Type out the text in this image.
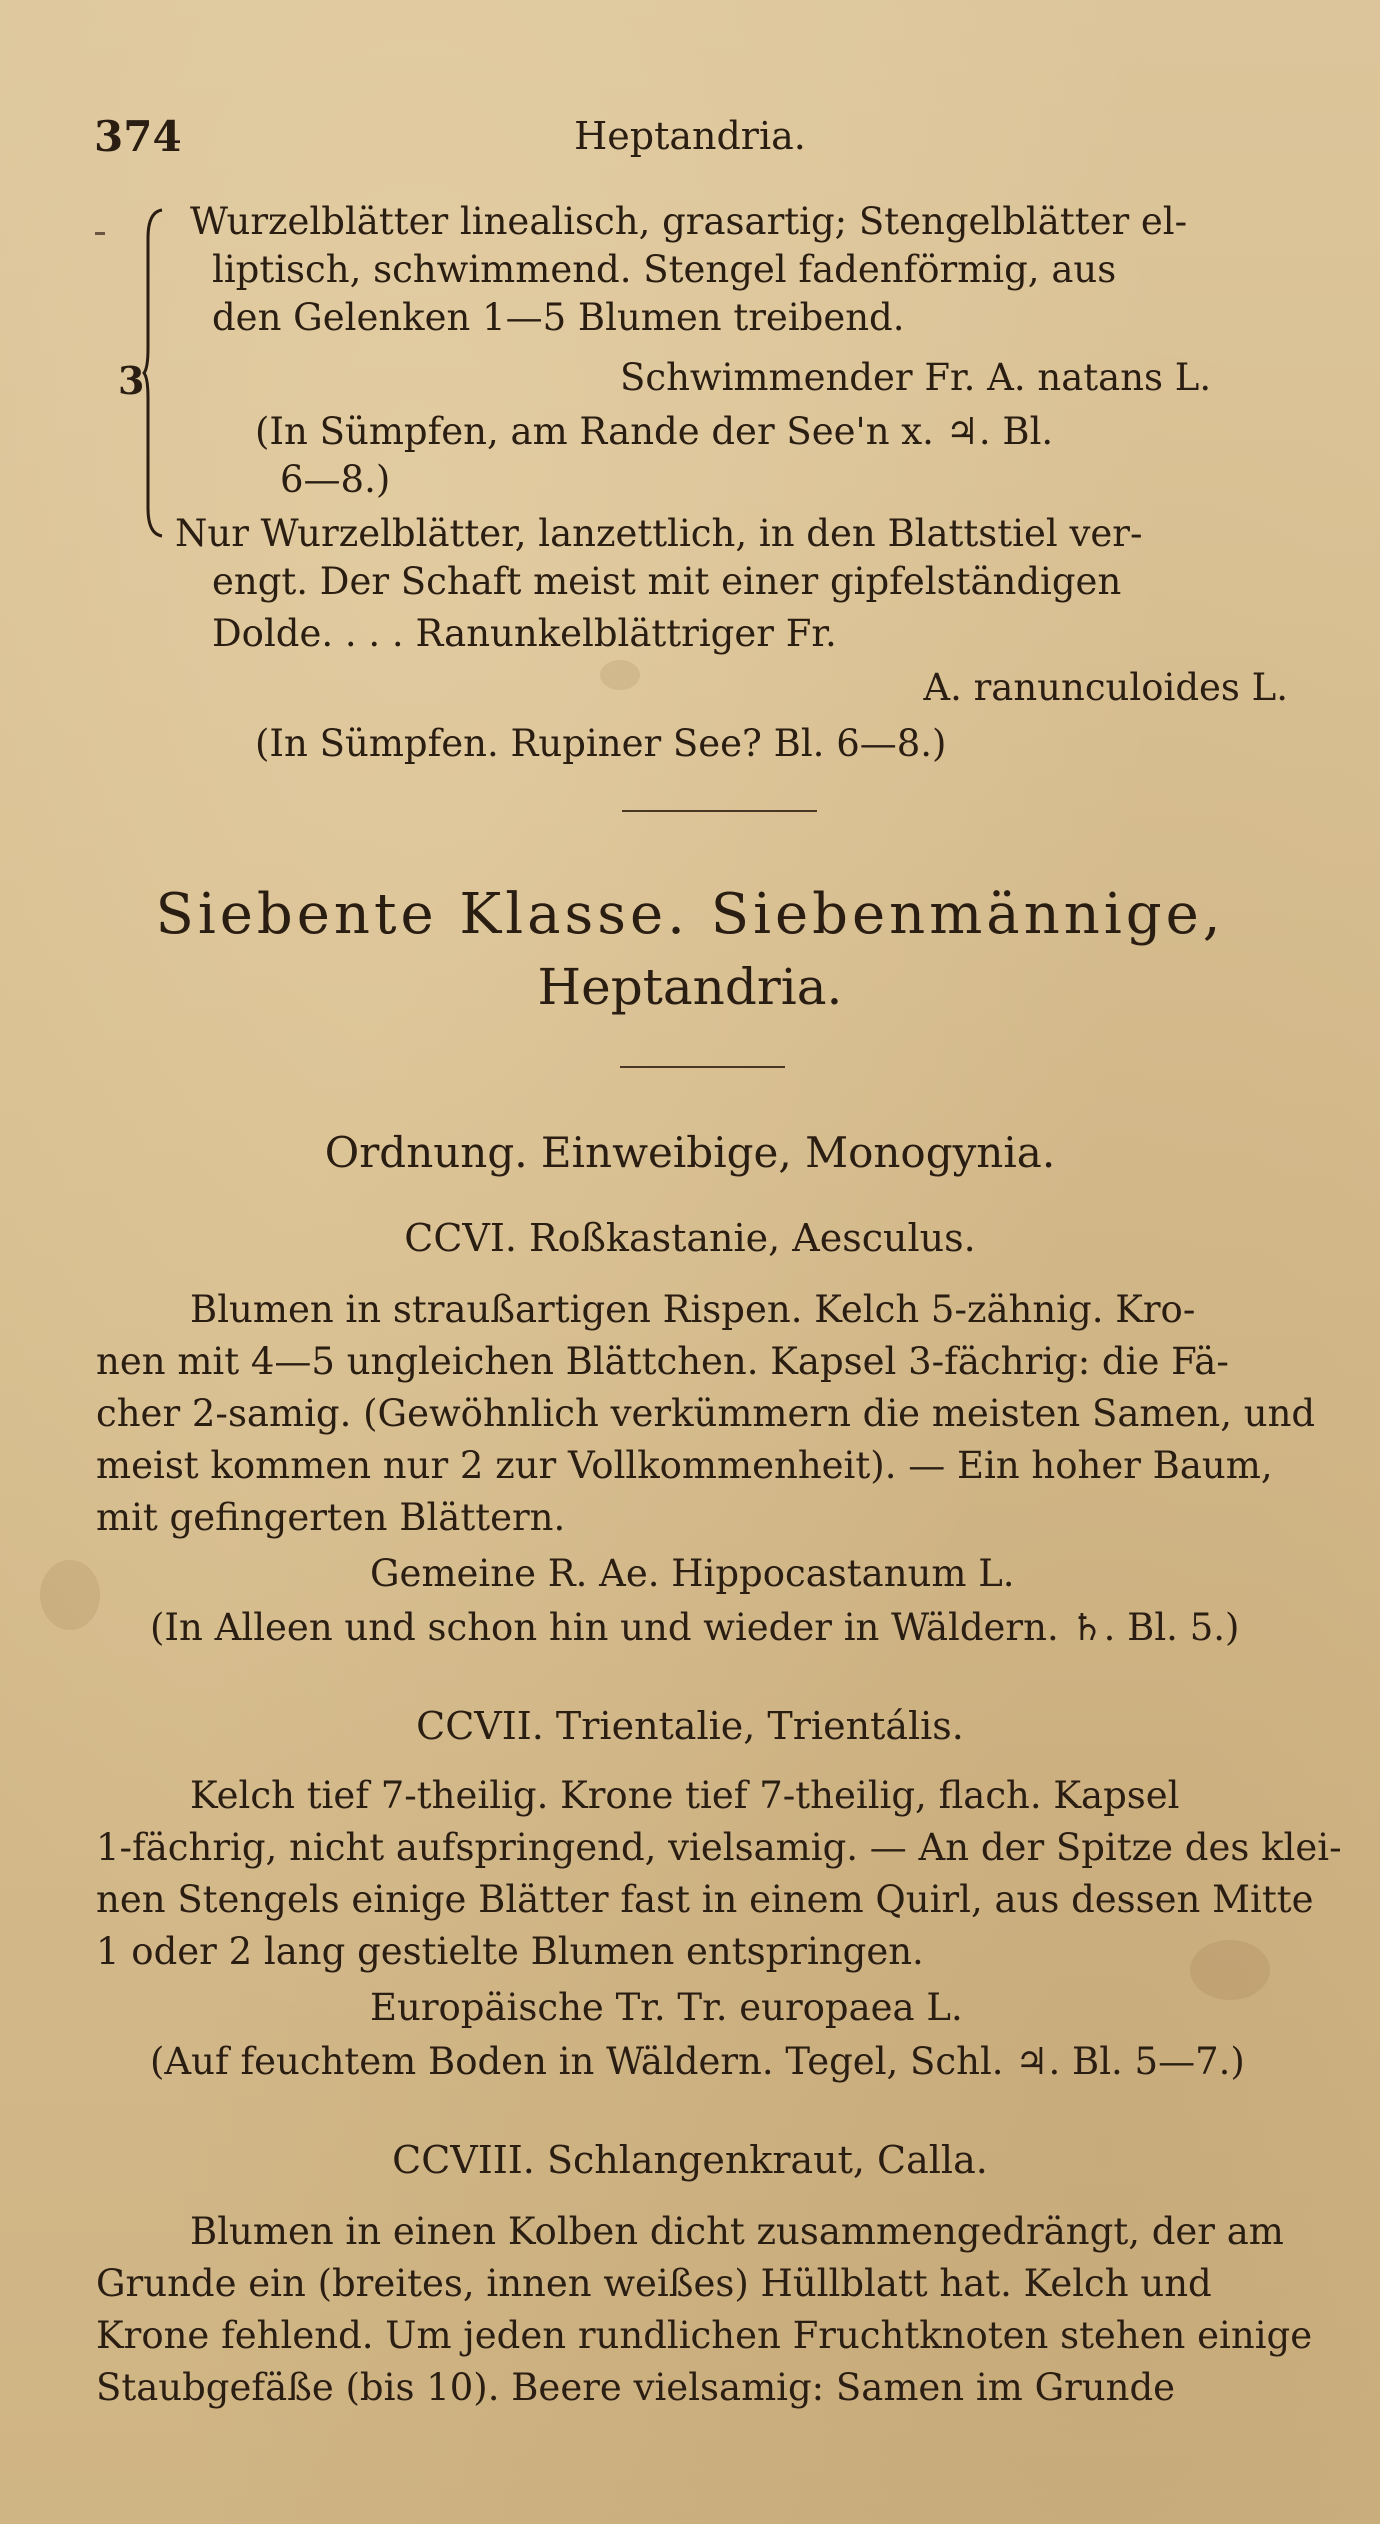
374	Heptandria.
3
Wurzelblätter linealisch, grasartig; Stengelblätter el-
liptisch, schwimmend. Stengel fadenförmig, aus
den Gelenken 1—5 Blumen treibend.
Schwimmender Fr. A. natans L.
(In Sümpfen, am Rande der See'n x. ♃. Bl.
6—8.)
Nur Wurzelblätter, lanzettlich, in den Blattstiel ver-
engt. Der Schaft meist mit einer gipfelständigen
Dolde. . . . Ranunkelblättriger Fr.
A. ranunculoides L.
(In Sümpfen. Rupiner See? Bl. 6—8.)
Siebente Klasse. Siebenmännige,
Heptandria.
Ordnung. Einweibige, Monogynia.
CCVI. Roßkastanie, Aesculus.
Blumen in straußartigen Rispen. Kelch 5-zähnig. Kro-
nen mit 4—5 ungleichen Blättchen. Kapsel 3-fächrig: die Fä-
cher 2-samig. (Gewöhnlich verkümmern die meisten Samen, und
meist kommen nur 2 zur Vollkommenheit). — Ein hoher Baum,
mit gefingerten Blättern.
Gemeine R. Ae. Hippocastanum L.
(In Alleen und schon hin und wieder in Wäldern. ♄. Bl. 5.)
CCVII. Trientalie, Trientális.
Kelch tief 7-theilig. Krone tief 7-theilig, flach. Kapsel
1-fächrig, nicht aufspringend, vielsamig. — An der Spitze des klei-
nen Stengels einige Blätter fast in einem Quirl, aus dessen Mitte
1 oder 2 lang gestielte Blumen entspringen.
Europäische Tr. Tr. europaea L.
(Auf feuchtem Boden in Wäldern. Tegel, Schl. ♃. Bl. 5—7.)
CCVIII. Schlangenkraut, Calla.
Blumen in einen Kolben dicht zusammengedrängt, der am
Grunde ein (breites, innen weißes) Hüllblatt hat. Kelch und
Krone fehlend. Um jeden rundlichen Fruchtknoten stehen einige
Staubgefäße (bis 10). Beere vielsamig: Samen im Grunde
